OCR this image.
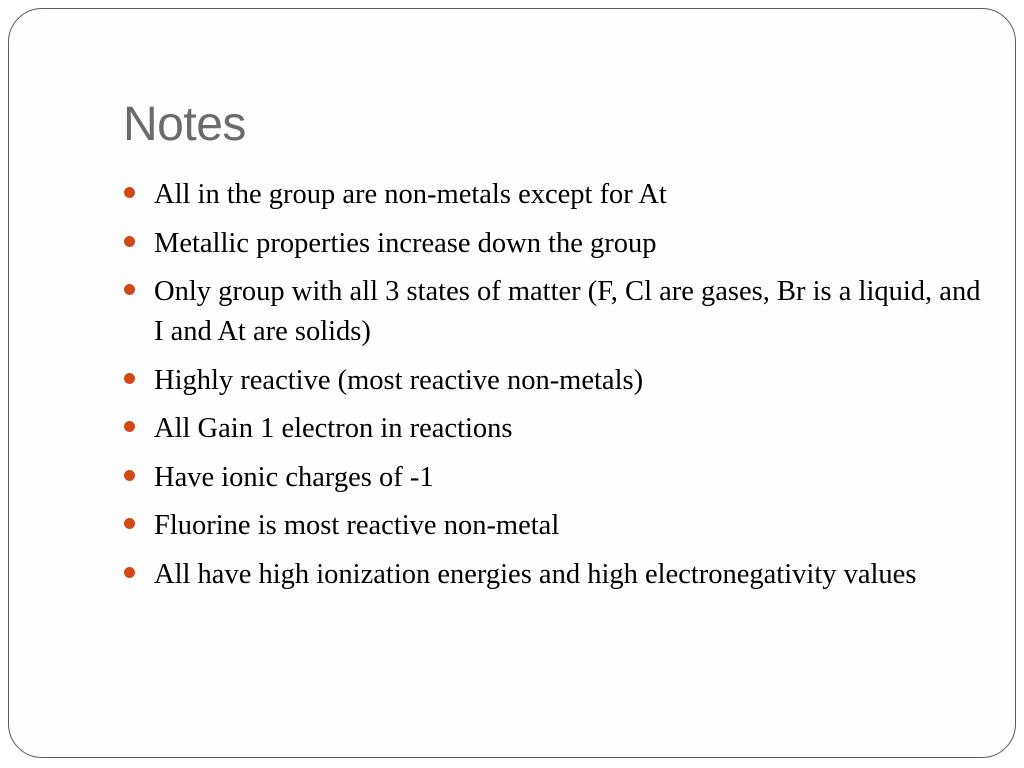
Notes
All in the group are non-metals except for At
Metallic properties increase down the group
Only group with all 3 states of matter (F, Cl are gases, Br is a liquid, and I and At are solids)
Highly reactive (most reactive non-metals)
All Gain 1 electron in reactions
Have ionic charges of -1
Fluorine is most reactive non-metal
All have high ionization energies and high electronegativity values
